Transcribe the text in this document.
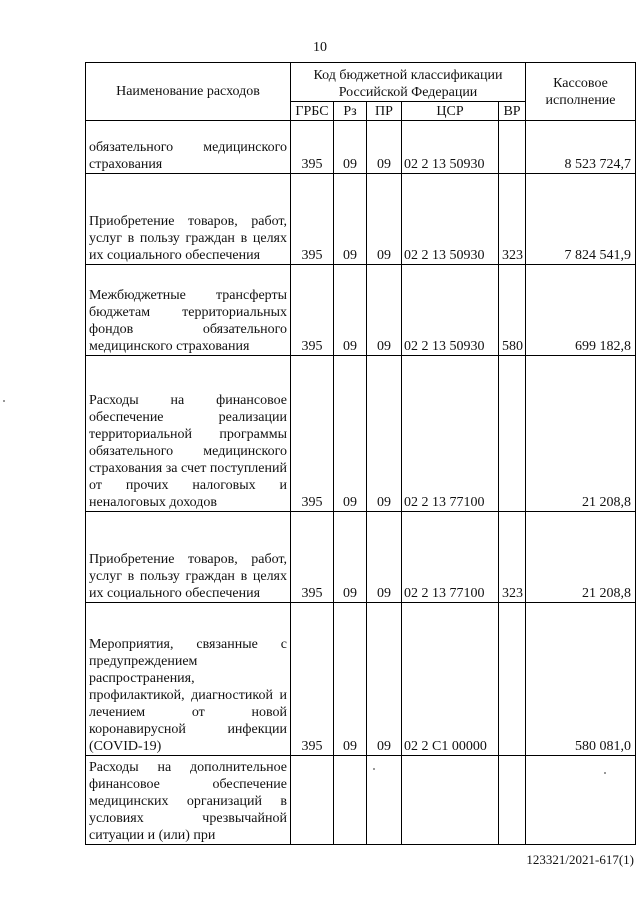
10
Наименование расходов	Код бюджетной классификации Российской Федерации					Кассовое исполнение
	ГРБС	Рз	ПР	ЦСР	ВР	
обязательного медицинского страхования	395	09	09	02 2 13 50930		8 523 724,7
Приобретение товаров, работ, услуг в пользу граждан в целях их социального обеспечения	395	09	09	02 2 13 50930	323	7 824 541,9
Межбюджетные трансферты бюджетам территориальных фондов обязательного медицинского страхования	395	09	09	02 2 13 50930	580	699 182,8
Расходы на финансовое обеспечение реализации территориальной программы обязательного медицинского страхования за счет поступлений от прочих налоговых и неналоговых доходов	395	09	09	02 2 13 77100		21 208,8
Приобретение товаров, работ, услуг в пользу граждан в целях их социального обеспечения	395	09	09	02 2 13 77100	323	21 208,8
Мероприятия, связанные с предупреждением распространения, профилактикой, диагностикой и лечением от новой коронавирусной инфекции (COVID-19)	395	09	09	02 2 С1 00000		580 081,0
Расходы на дополнительное финансовое обеспечение медицинских организаций в условиях чрезвычайной ситуации и (или) при						
123321/2021-617(1)
